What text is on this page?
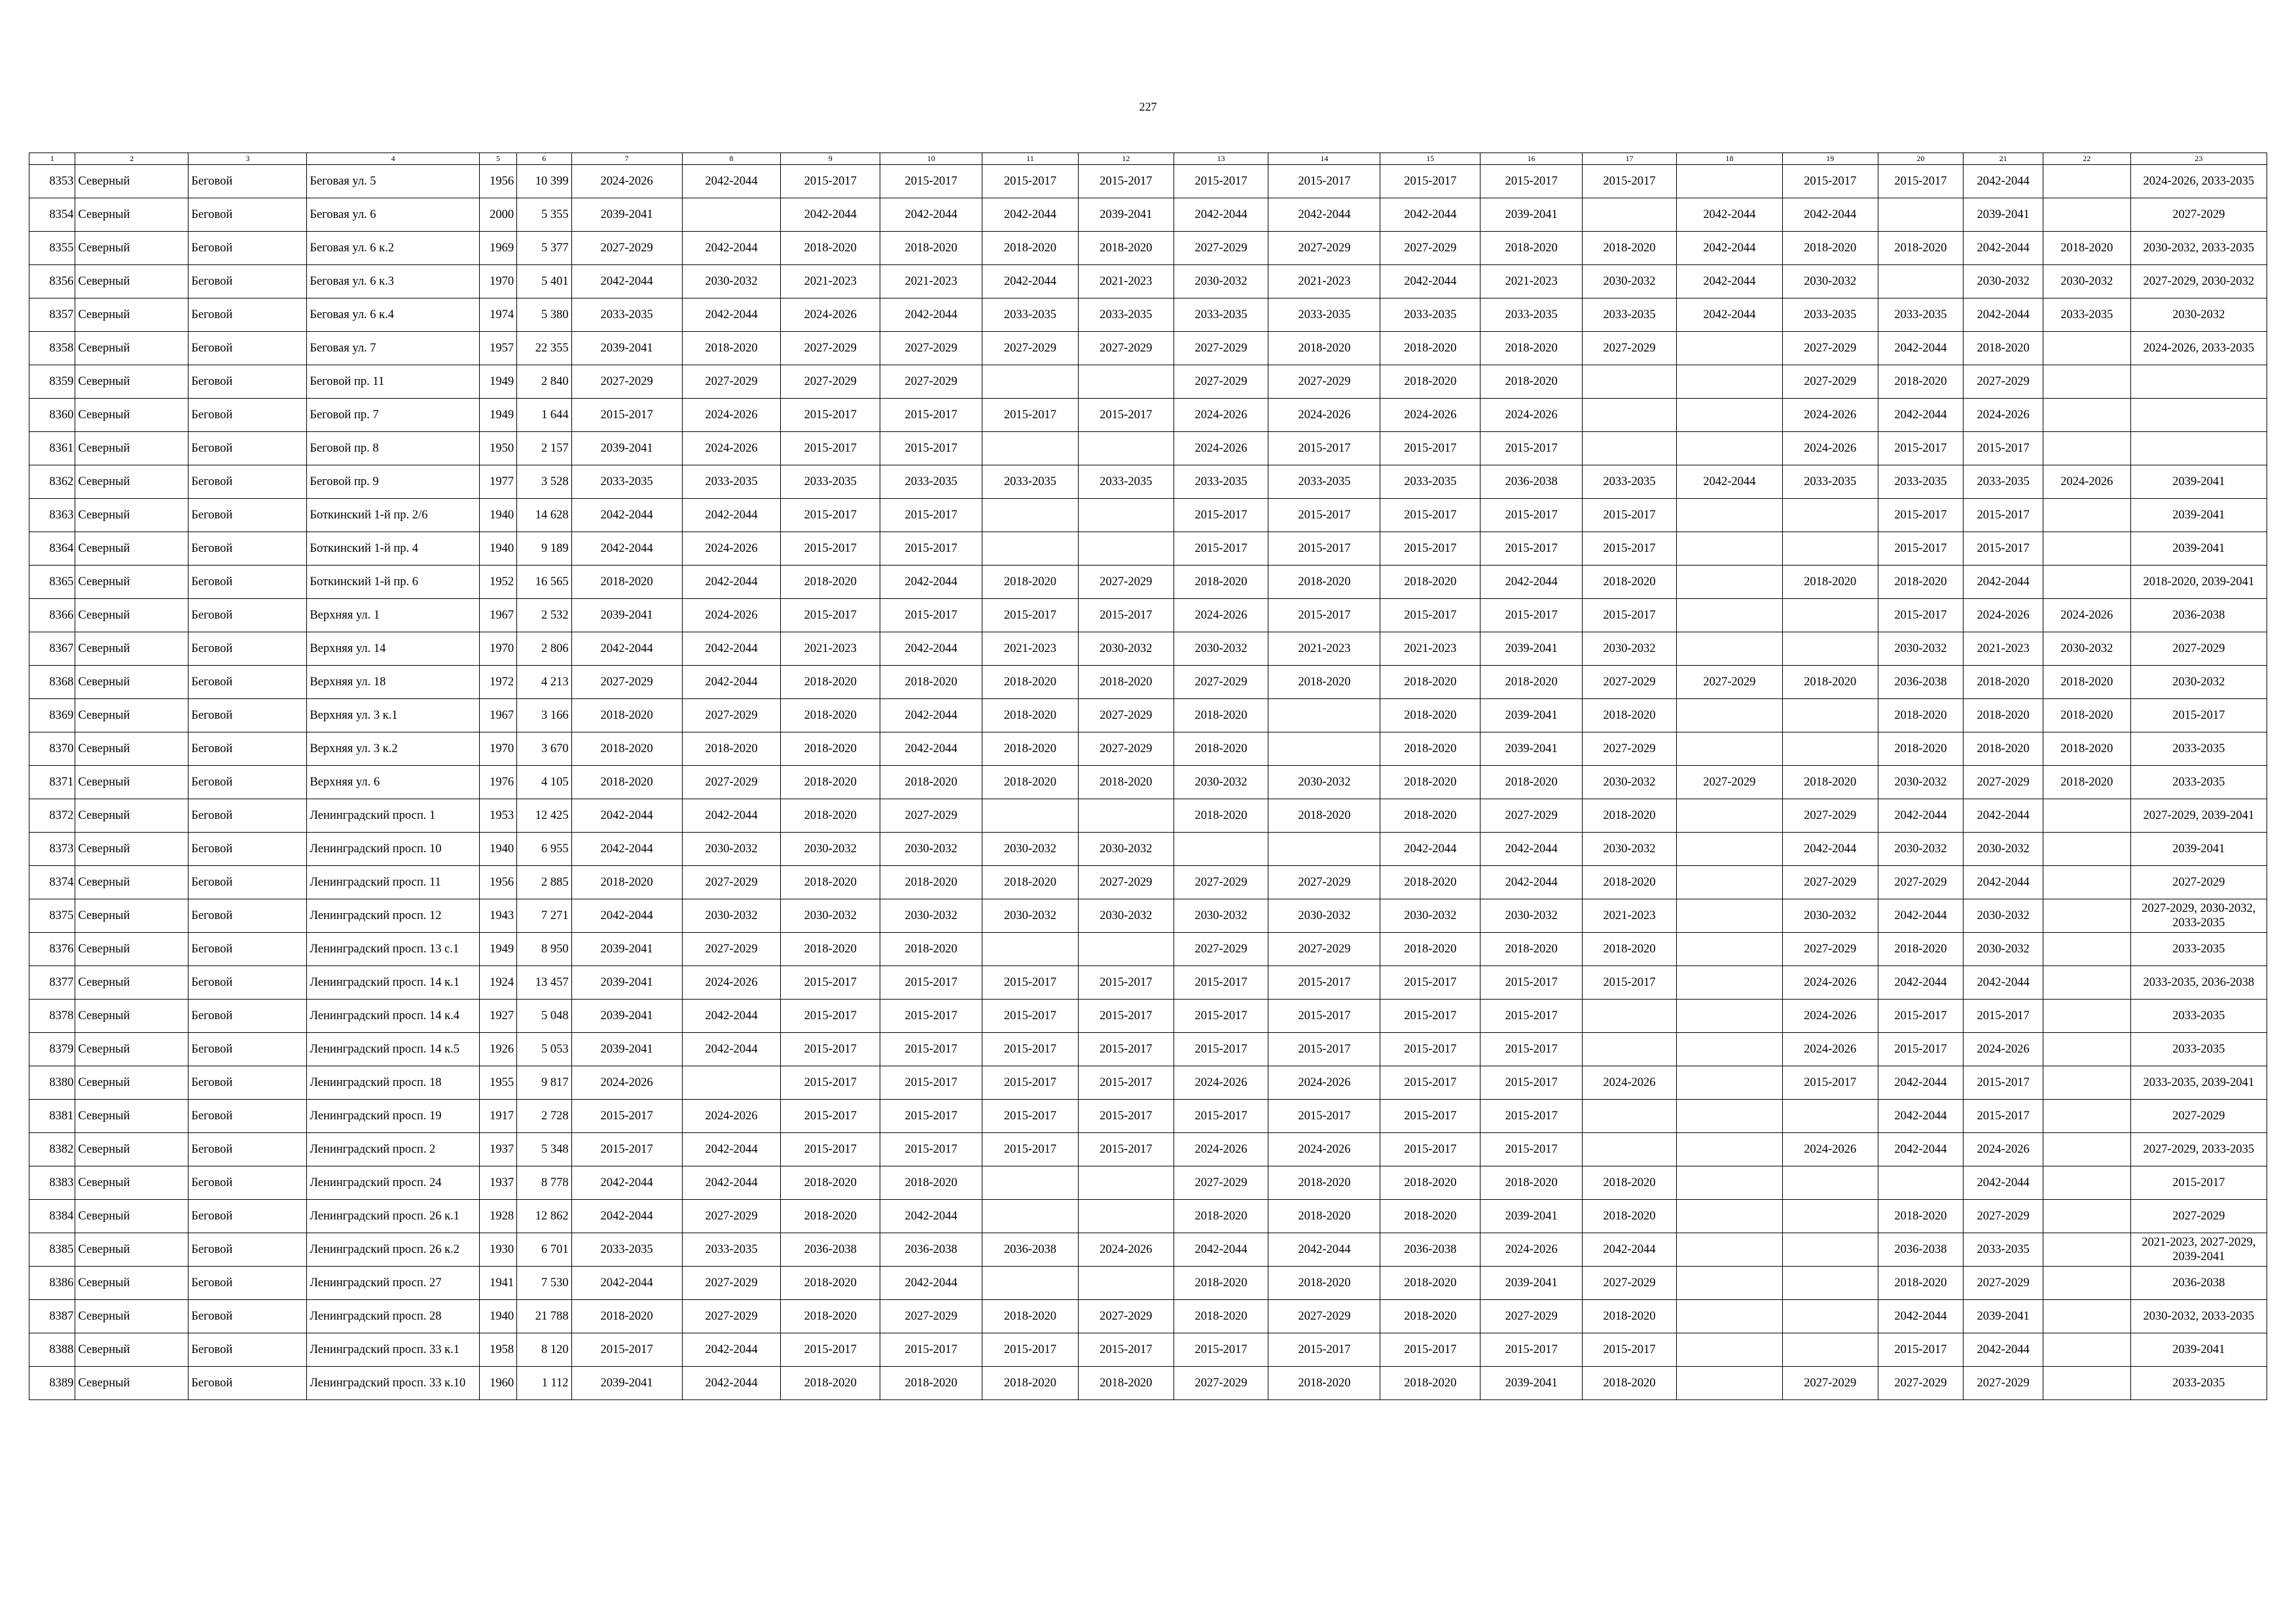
227
1	2	3	4	5	6	7	8	9	10	11	12	13	14	15	16	17	18	19	20	21	22	23
8353	Северный	Беговой	Беговая ул. 5	1956	10 399	2024-2026	2042-2044	2015-2017	2015-2017	2015-2017	2015-2017	2015-2017	2015-2017	2015-2017	2015-2017	2015-2017		2015-2017	2015-2017	2042-2044		2024-2026, 2033-2035
8354	Северный	Беговой	Беговая ул. 6	2000	5 355	2039-2041		2042-2044	2042-2044	2042-2044	2039-2041	2042-2044	2042-2044	2042-2044	2039-2041		2042-2044	2042-2044		2039-2041		2027-2029
8355	Северный	Беговой	Беговая ул. 6 к.2	1969	5 377	2027-2029	2042-2044	2018-2020	2018-2020	2018-2020	2018-2020	2027-2029	2027-2029	2027-2029	2018-2020	2018-2020	2042-2044	2018-2020	2018-2020	2042-2044	2018-2020	2030-2032, 2033-2035
8356	Северный	Беговой	Беговая ул. 6 к.3	1970	5 401	2042-2044	2030-2032	2021-2023	2021-2023	2042-2044	2021-2023	2030-2032	2021-2023	2042-2044	2021-2023	2030-2032	2042-2044	2030-2032		2030-2032	2030-2032	2027-2029, 2030-2032
8357	Северный	Беговой	Беговая ул. 6 к.4	1974	5 380	2033-2035	2042-2044	2024-2026	2042-2044	2033-2035	2033-2035	2033-2035	2033-2035	2033-2035	2033-2035	2033-2035	2042-2044	2033-2035	2033-2035	2042-2044	2033-2035	2030-2032
8358	Северный	Беговой	Беговая ул. 7	1957	22 355	2039-2041	2018-2020	2027-2029	2027-2029	2027-2029	2027-2029	2027-2029	2018-2020	2018-2020	2018-2020	2027-2029		2027-2029	2042-2044	2018-2020		2024-2026, 2033-2035
8359	Северный	Беговой	Беговой пр. 11	1949	2 840	2027-2029	2027-2029	2027-2029	2027-2029			2027-2029	2027-2029	2018-2020	2018-2020			2027-2029	2018-2020	2027-2029		
8360	Северный	Беговой	Беговой пр. 7	1949	1 644	2015-2017	2024-2026	2015-2017	2015-2017	2015-2017	2015-2017	2024-2026	2024-2026	2024-2026	2024-2026			2024-2026	2042-2044	2024-2026		
8361	Северный	Беговой	Беговой пр. 8	1950	2 157	2039-2041	2024-2026	2015-2017	2015-2017			2024-2026	2015-2017	2015-2017	2015-2017			2024-2026	2015-2017	2015-2017		
8362	Северный	Беговой	Беговой пр. 9	1977	3 528	2033-2035	2033-2035	2033-2035	2033-2035	2033-2035	2033-2035	2033-2035	2033-2035	2033-2035	2036-2038	2033-2035	2042-2044	2033-2035	2033-2035	2033-2035	2024-2026	2039-2041
8363	Северный	Беговой	Боткинский 1-й пр. 2/6	1940	14 628	2042-2044	2042-2044	2015-2017	2015-2017			2015-2017	2015-2017	2015-2017	2015-2017	2015-2017			2015-2017	2015-2017		2039-2041
8364	Северный	Беговой	Боткинский 1-й пр. 4	1940	9 189	2042-2044	2024-2026	2015-2017	2015-2017			2015-2017	2015-2017	2015-2017	2015-2017	2015-2017			2015-2017	2015-2017		2039-2041
8365	Северный	Беговой	Боткинский 1-й пр. 6	1952	16 565	2018-2020	2042-2044	2018-2020	2042-2044	2018-2020	2027-2029	2018-2020	2018-2020	2018-2020	2042-2044	2018-2020		2018-2020	2018-2020	2042-2044		2018-2020, 2039-2041
8366	Северный	Беговой	Верхняя ул. 1	1967	2 532	2039-2041	2024-2026	2015-2017	2015-2017	2015-2017	2015-2017	2024-2026	2015-2017	2015-2017	2015-2017	2015-2017			2015-2017	2024-2026	2024-2026	2036-2038
8367	Северный	Беговой	Верхняя ул. 14	1970	2 806	2042-2044	2042-2044	2021-2023	2042-2044	2021-2023	2030-2032	2030-2032	2021-2023	2021-2023	2039-2041	2030-2032			2030-2032	2021-2023	2030-2032	2027-2029
8368	Северный	Беговой	Верхняя ул. 18	1972	4 213	2027-2029	2042-2044	2018-2020	2018-2020	2018-2020	2018-2020	2027-2029	2018-2020	2018-2020	2018-2020	2027-2029	2027-2029	2018-2020	2036-2038	2018-2020	2018-2020	2030-2032
8369	Северный	Беговой	Верхняя ул. 3 к.1	1967	3 166	2018-2020	2027-2029	2018-2020	2042-2044	2018-2020	2027-2029	2018-2020		2018-2020	2039-2041	2018-2020			2018-2020	2018-2020	2018-2020	2015-2017
8370	Северный	Беговой	Верхняя ул. 3 к.2	1970	3 670	2018-2020	2018-2020	2018-2020	2042-2044	2018-2020	2027-2029	2018-2020		2018-2020	2039-2041	2027-2029			2018-2020	2018-2020	2018-2020	2033-2035
8371	Северный	Беговой	Верхняя ул. 6	1976	4 105	2018-2020	2027-2029	2018-2020	2018-2020	2018-2020	2018-2020	2030-2032	2030-2032	2018-2020	2018-2020	2030-2032	2027-2029	2018-2020	2030-2032	2027-2029	2018-2020	2033-2035
8372	Северный	Беговой	Ленинградский просп. 1	1953	12 425	2042-2044	2042-2044	2018-2020	2027-2029			2018-2020	2018-2020	2018-2020	2027-2029	2018-2020		2027-2029	2042-2044	2042-2044		2027-2029, 2039-2041
8373	Северный	Беговой	Ленинградский просп. 10	1940	6 955	2042-2044	2030-2032	2030-2032	2030-2032	2030-2032	2030-2032			2042-2044	2042-2044	2030-2032		2042-2044	2030-2032	2030-2032		2039-2041
8374	Северный	Беговой	Ленинградский просп. 11	1956	2 885	2018-2020	2027-2029	2018-2020	2018-2020	2018-2020	2027-2029	2027-2029	2027-2029	2018-2020	2042-2044	2018-2020		2027-2029	2027-2029	2042-2044		2027-2029
8375	Северный	Беговой	Ленинградский просп. 12	1943	7 271	2042-2044	2030-2032	2030-2032	2030-2032	2030-2032	2030-2032	2030-2032	2030-2032	2030-2032	2030-2032	2021-2023		2030-2032	2042-2044	2030-2032		2027-2029, 2030-2032, 2033-2035
8376	Северный	Беговой	Ленинградский просп. 13 с.1	1949	8 950	2039-2041	2027-2029	2018-2020	2018-2020			2027-2029	2027-2029	2018-2020	2018-2020	2018-2020		2027-2029	2018-2020	2030-2032		2033-2035
8377	Северный	Беговой	Ленинградский просп. 14 к.1	1924	13 457	2039-2041	2024-2026	2015-2017	2015-2017	2015-2017	2015-2017	2015-2017	2015-2017	2015-2017	2015-2017	2015-2017		2024-2026	2042-2044	2042-2044		2033-2035, 2036-2038
8378	Северный	Беговой	Ленинградский просп. 14 к.4	1927	5 048	2039-2041	2042-2044	2015-2017	2015-2017	2015-2017	2015-2017	2015-2017	2015-2017	2015-2017	2015-2017			2024-2026	2015-2017	2015-2017		2033-2035
8379	Северный	Беговой	Ленинградский просп. 14 к.5	1926	5 053	2039-2041	2042-2044	2015-2017	2015-2017	2015-2017	2015-2017	2015-2017	2015-2017	2015-2017	2015-2017			2024-2026	2015-2017	2024-2026		2033-2035
8380	Северный	Беговой	Ленинградский просп. 18	1955	9 817	2024-2026		2015-2017	2015-2017	2015-2017	2015-2017	2024-2026	2024-2026	2015-2017	2015-2017	2024-2026		2015-2017	2042-2044	2015-2017		2033-2035, 2039-2041
8381	Северный	Беговой	Ленинградский просп. 19	1917	2 728	2015-2017	2024-2026	2015-2017	2015-2017	2015-2017	2015-2017	2015-2017	2015-2017	2015-2017	2015-2017				2042-2044	2015-2017		2027-2029
8382	Северный	Беговой	Ленинградский просп. 2	1937	5 348	2015-2017	2042-2044	2015-2017	2015-2017	2015-2017	2015-2017	2024-2026	2024-2026	2015-2017	2015-2017			2024-2026	2042-2044	2024-2026		2027-2029, 2033-2035
8383	Северный	Беговой	Ленинградский просп. 24	1937	8 778	2042-2044	2042-2044	2018-2020	2018-2020			2027-2029	2018-2020	2018-2020	2018-2020	2018-2020				2042-2044		2015-2017
8384	Северный	Беговой	Ленинградский просп. 26 к.1	1928	12 862	2042-2044	2027-2029	2018-2020	2042-2044			2018-2020	2018-2020	2018-2020	2039-2041	2018-2020			2018-2020	2027-2029		2027-2029
8385	Северный	Беговой	Ленинградский просп. 26 к.2	1930	6 701	2033-2035	2033-2035	2036-2038	2036-2038	2036-2038	2024-2026	2042-2044	2042-2044	2036-2038	2024-2026	2042-2044			2036-2038	2033-2035		2021-2023, 2027-2029, 2039-2041
8386	Северный	Беговой	Ленинградский просп. 27	1941	7 530	2042-2044	2027-2029	2018-2020	2042-2044			2018-2020	2018-2020	2018-2020	2039-2041	2027-2029			2018-2020	2027-2029		2036-2038
8387	Северный	Беговой	Ленинградский просп. 28	1940	21 788	2018-2020	2027-2029	2018-2020	2027-2029	2018-2020	2027-2029	2018-2020	2027-2029	2018-2020	2027-2029	2018-2020			2042-2044	2039-2041		2030-2032, 2033-2035
8388	Северный	Беговой	Ленинградский просп. 33 к.1	1958	8 120	2015-2017	2042-2044	2015-2017	2015-2017	2015-2017	2015-2017	2015-2017	2015-2017	2015-2017	2015-2017	2015-2017			2015-2017	2042-2044		2039-2041
8389	Северный	Беговой	Ленинградский просп. 33 к.10	1960	1 112	2039-2041	2042-2044	2018-2020	2018-2020	2018-2020	2018-2020	2027-2029	2018-2020	2018-2020	2039-2041	2018-2020		2027-2029	2027-2029	2027-2029		2033-2035
